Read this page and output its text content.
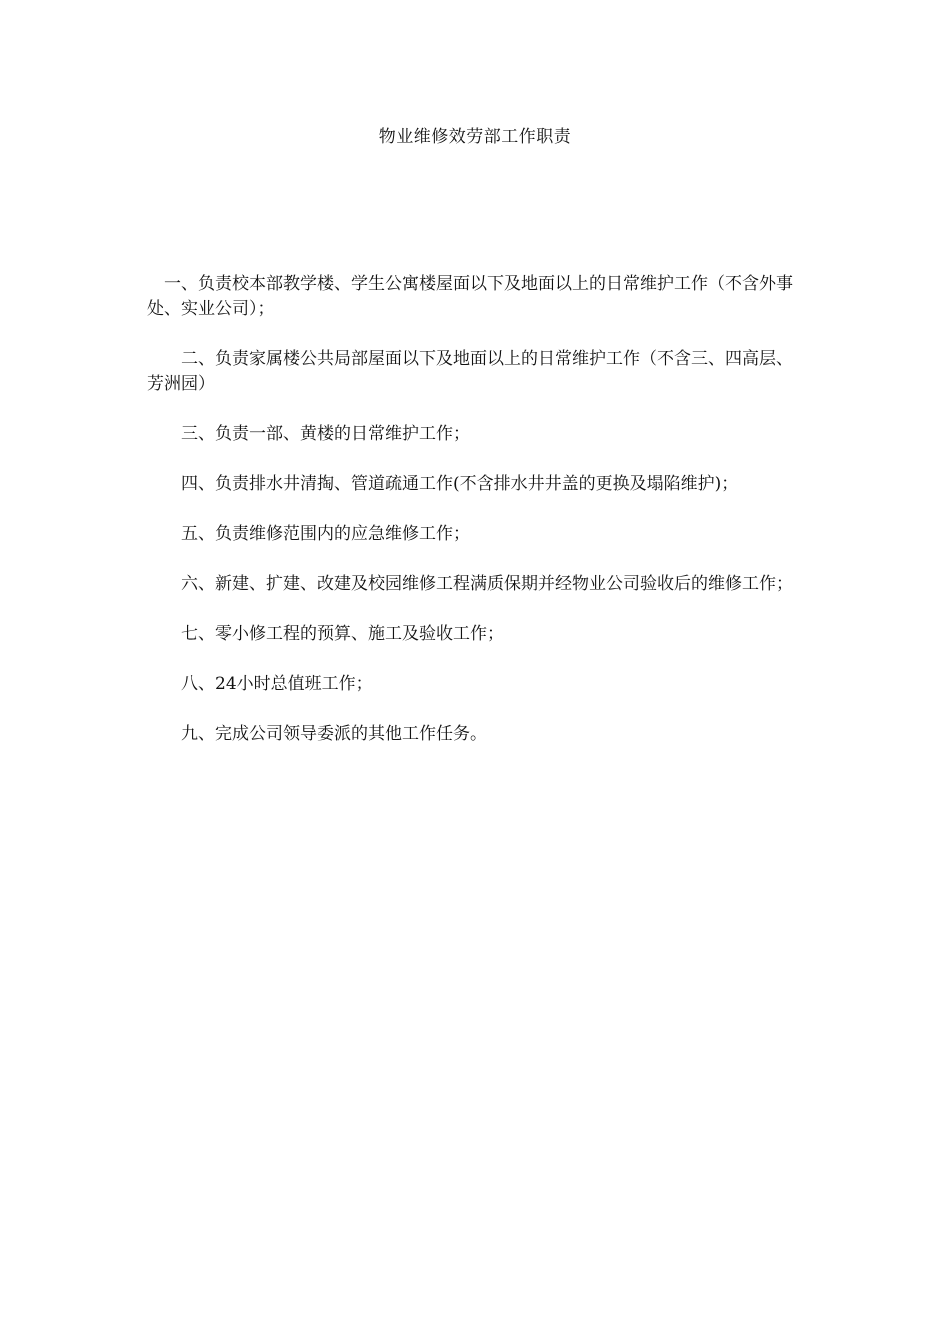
物业维修效劳部工作职责

一、负责校本部教学楼、学生公寓楼屋面以下及地面以上的日常维护工作（不含外事处、实业公司）；

二、负责家属楼公共局部屋面以下及地面以上的日常维护工作（不含三、四高层、芳洲园）

三、负责一部、黄楼的日常维护工作；

四、负责排水井清掏、管道疏通工作(不含排水井井盖的更换及塌陷维护)；

五、负责维修范围内的应急维修工作；

六、新建、扩建、改建及校园维修工程满质保期并经物业公司验收后的维修工作；

七、零小修工程的预算、施工及验收工作；

八、24小时总值班工作；

九、完成公司领导委派的其他工作任务。
